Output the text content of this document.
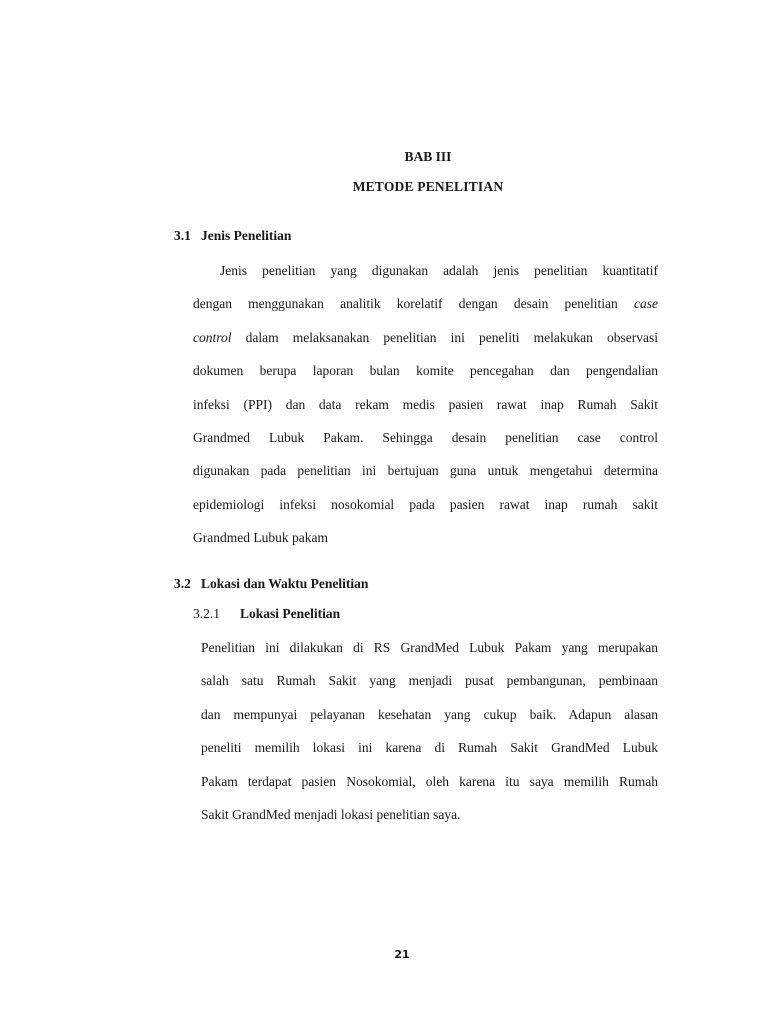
BAB III
METODE PENELITIAN
3.1 Jenis Penelitian
Jenis penelitian yang digunakan adalah jenis penelitian kuantitatif
dengan menggunakan analitik korelatif dengan desain penelitian case
control dalam melaksanakan penelitian ini peneliti melakukan observasi
dokumen berupa laporan bulan komite pencegahan dan pengendalian
infeksi (PPI) dan data rekam medis pasien rawat inap Rumah Sakit
Grandmed Lubuk Pakam. Sehingga desain penelitian case control
digunakan pada penelitian ini bertujuan guna untuk mengetahui determina
epidemiologi infeksi nosokomial pada pasien rawat inap rumah sakit
Grandmed Lubuk pakam
3.2 Lokasi dan Waktu Penelitian
3.2.1 Lokasi Penelitian
Penelitian ini dilakukan di RS GrandMed Lubuk Pakam yang merupakan
salah satu Rumah Sakit yang menjadi pusat pembangunan, pembinaan
dan mempunyai pelayanan kesehatan yang cukup baik. Adapun alasan
peneliti memilih lokasi ini karena di Rumah Sakit GrandMed Lubuk
Pakam terdapat pasien Nosokomial, oleh karena itu saya memilih Rumah
Sakit GrandMed menjadi lokasi penelitian saya.
21
